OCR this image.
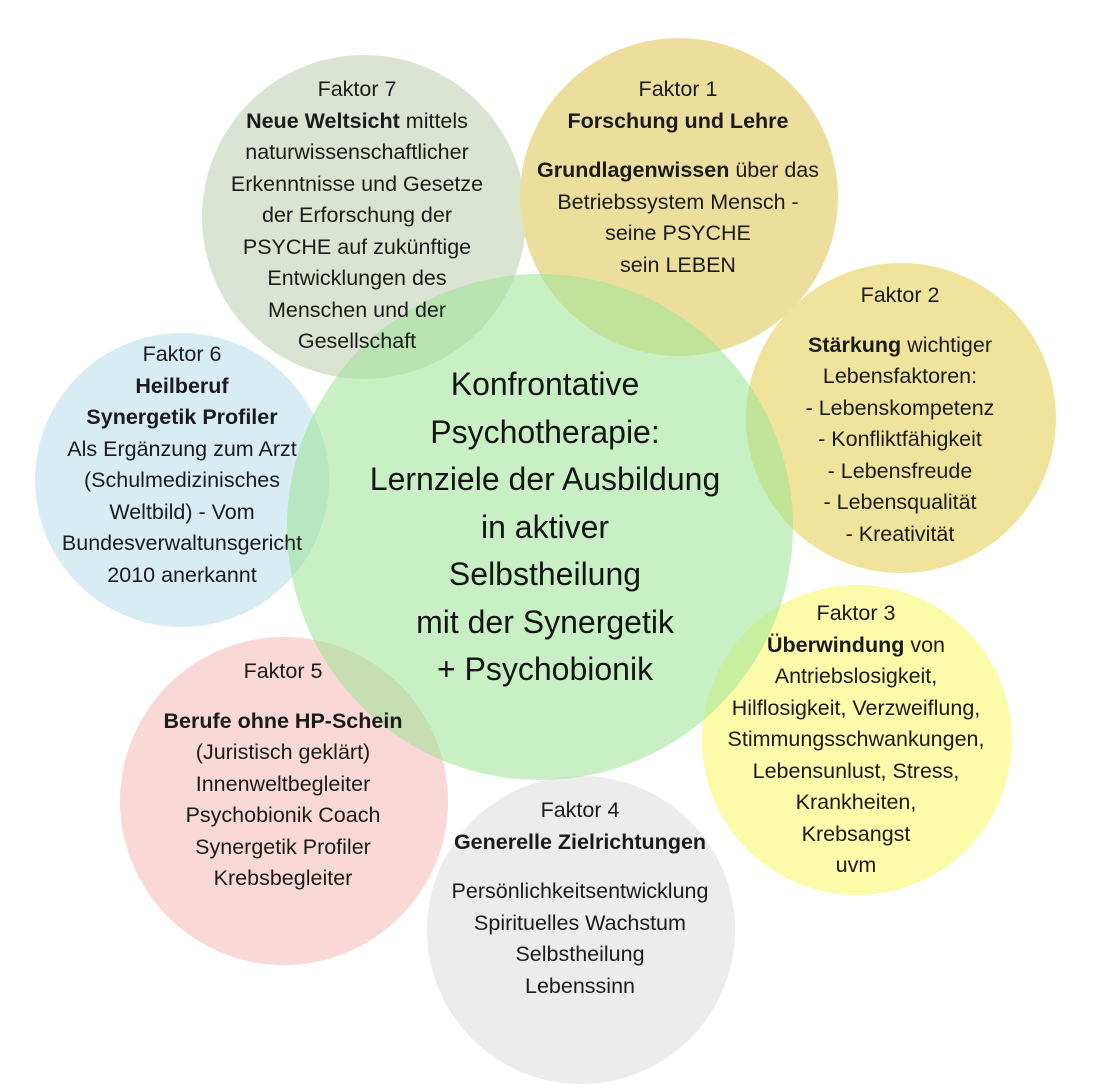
Faktor 7
Neue Weltsicht mittels
naturwissenschaftlicher
Erkenntnisse und Gesetze
der Erforschung der
PSYCHE auf zukünftige
Entwicklungen des
Menschen und der
Gesellschaft
Faktor 1
Forschung und Lehre
Grundlagenwissen über das
Betriebssystem Mensch -
seine PSYCHE
sein LEBEN
Faktor 2
Stärkung wichtiger
Lebensfaktoren:
- Lebenskompetenz
- Konfliktfähigkeit
- Lebensfreude
- Lebensqualität
- Kreativität
Faktor 3
Überwindung von
Antriebslosigkeit,
Hilflosigkeit, Verzweiflung,
Stimmungsschwankungen,
Lebensunlust, Stress,
Krankheiten,
Krebsangst
uvm
Faktor 4
Generelle Zielrichtungen
Persönlichkeitsentwicklung
Spirituelles Wachstum
Selbstheilung
Lebenssinn
Faktor 5
Berufe ohne HP-Schein
(Juristisch geklärt)
Innenweltbegleiter
Psychobionik Coach
Synergetik Profiler
Krebsbegleiter
Faktor 6
Heilberuf
Synergetik Profiler
Als Ergänzung zum Arzt
(Schulmedizinisches
Weltbild) - Vom
Bundesverwaltunsgericht
2010 anerkannt
Konfrontative
Psychotherapie:
Lernziele der Ausbildung
in aktiver
Selbstheilung
mit der Synergetik
+ Psychobionik
